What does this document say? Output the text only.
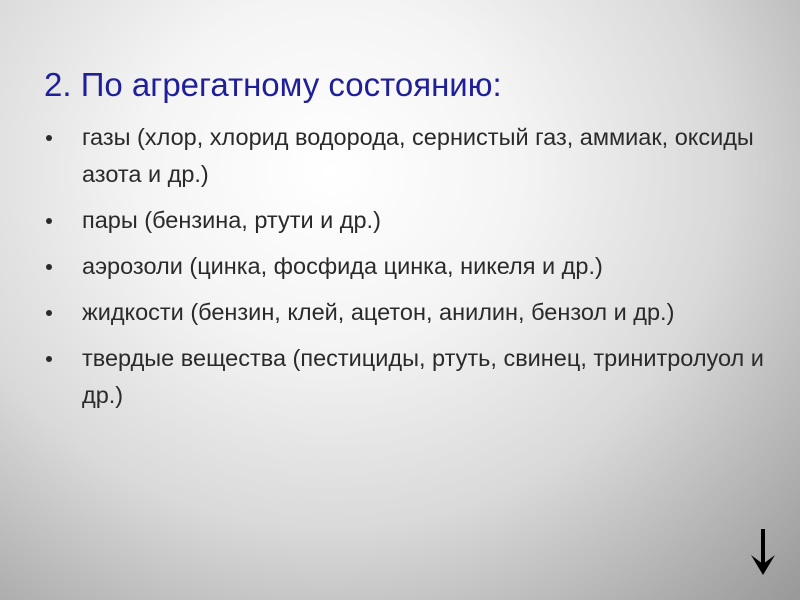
2. По агрегатному состоянию:
газы (хлор, хлорид водорода, сернистый газ, аммиак, оксиды азота и др.)
пары (бензина, ртути и др.)
аэрозоли (цинка, фосфида цинка, никеля и др.)
жидкости (бензин, клей, ацетон, анилин, бензол и др.)
твердые вещества (пестициды, ртуть, свинец, тринитролуол и др.)
